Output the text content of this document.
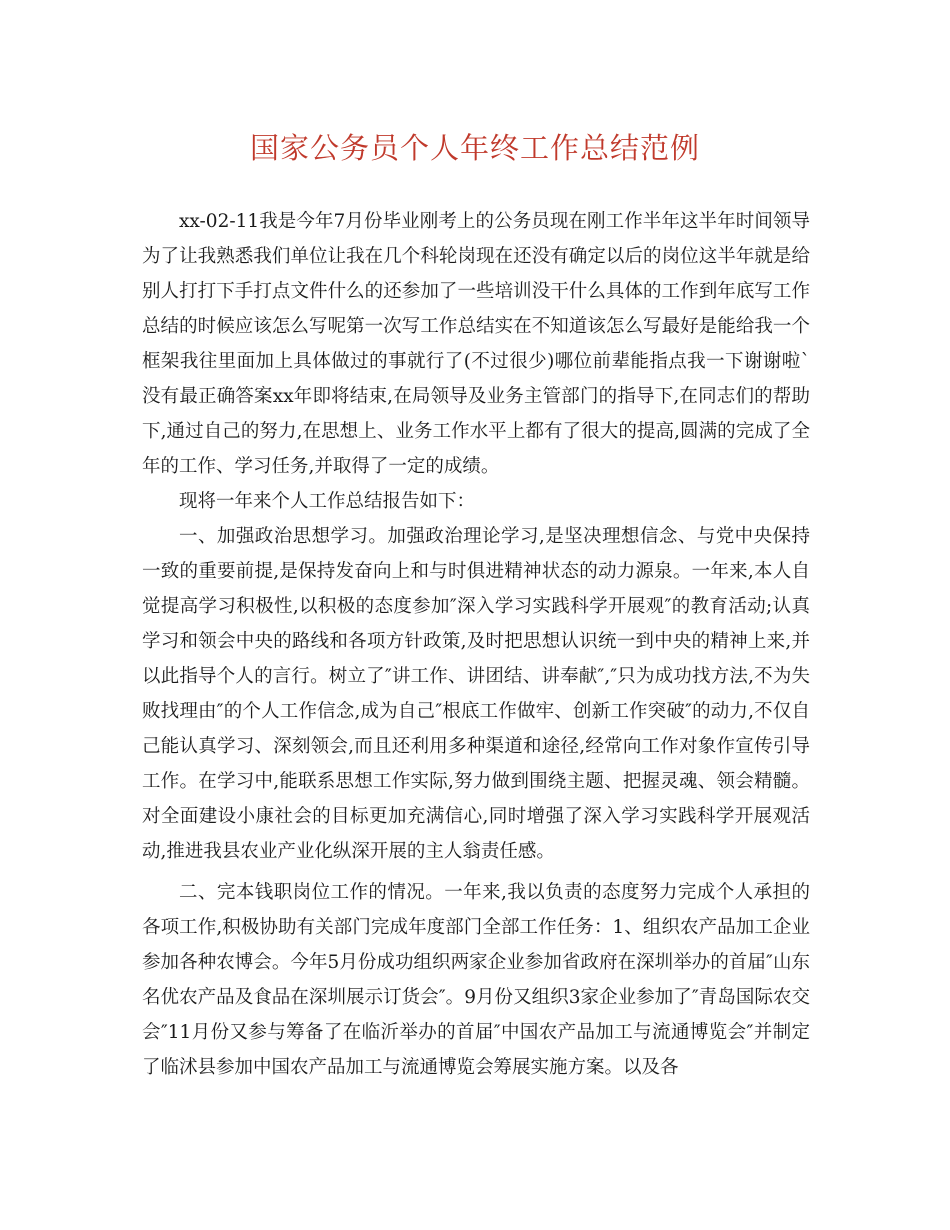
国家公务员个人年终工作总结范例

xx-02-11我是今年7月份毕业刚考上的公务员现在刚工作半年这半年时间领导为了让我熟悉我们单位让我在几个科轮岗现在还没有确定以后的岗位这半年就是给别人打打下手打点文件什么的还参加了一些培训没干什么具体的工作到年底写工作总结的时候应该怎么写呢第一次写工作总结实在不知道该怎么写最好是能给我一个框架我往里面加上具体做过的事就行了(不过很少)哪位前辈能指点我一下谢谢啦`没有最正确答案xx年即将结束,在局领导及业务主管部门的指导下,在同志们的帮助下,通过自己的努力,在思想上、业务工作水平上都有了很大的提高,圆满的完成了全年的工作、学习任务,并取得了一定的成绩。

现将一年来个人工作总结报告如下：

一、加强政治思想学习。加强政治理论学习,是坚决理想信念、与党中央保持一致的重要前提,是保持发奋向上和与时俱进精神状态的动力源泉。一年来,本人自觉提高学习积极性,以积极的态度参加″深入学习实践科学开展观″的教育活动;认真学习和领会中央的路线和各项方针政策,及时把思想认识统一到中央的精神上来,并以此指导个人的言行。树立了″讲工作、讲团结、讲奉献″,″只为成功找方法,不为失败找理由″的个人工作信念,成为自己″根底工作做牢、创新工作突破″的动力,不仅自己能认真学习、深刻领会,而且还利用多种渠道和途径,经常向工作对象作宣传引导工作。在学习中,能联系思想工作实际,努力做到围绕主题、把握灵魂、领会精髓。对全面建设小康社会的目标更加充满信心,同时增强了深入学习实践科学开展观活动,推进我县农业产业化纵深开展的主人翁责任感。

二、完本钱职岗位工作的情况。一年来,我以负责的态度努力完成个人承担的各项工作,积极协助有关部门完成年度部门全部工作任务：1、组织农产品加工企业参加各种农博会。今年5月份成功组织两家企业参加省政府在深圳举办的首届″山东名优农产品及食品在深圳展示订货会″。9月份又组织3家企业参加了″青岛国际农交会″11月份又参与筹备了在临沂举办的首届″中国农产品加工与流通博览会″并制定了临沭县参加中国农产品加工与流通博览会筹展实施方案。以及各
